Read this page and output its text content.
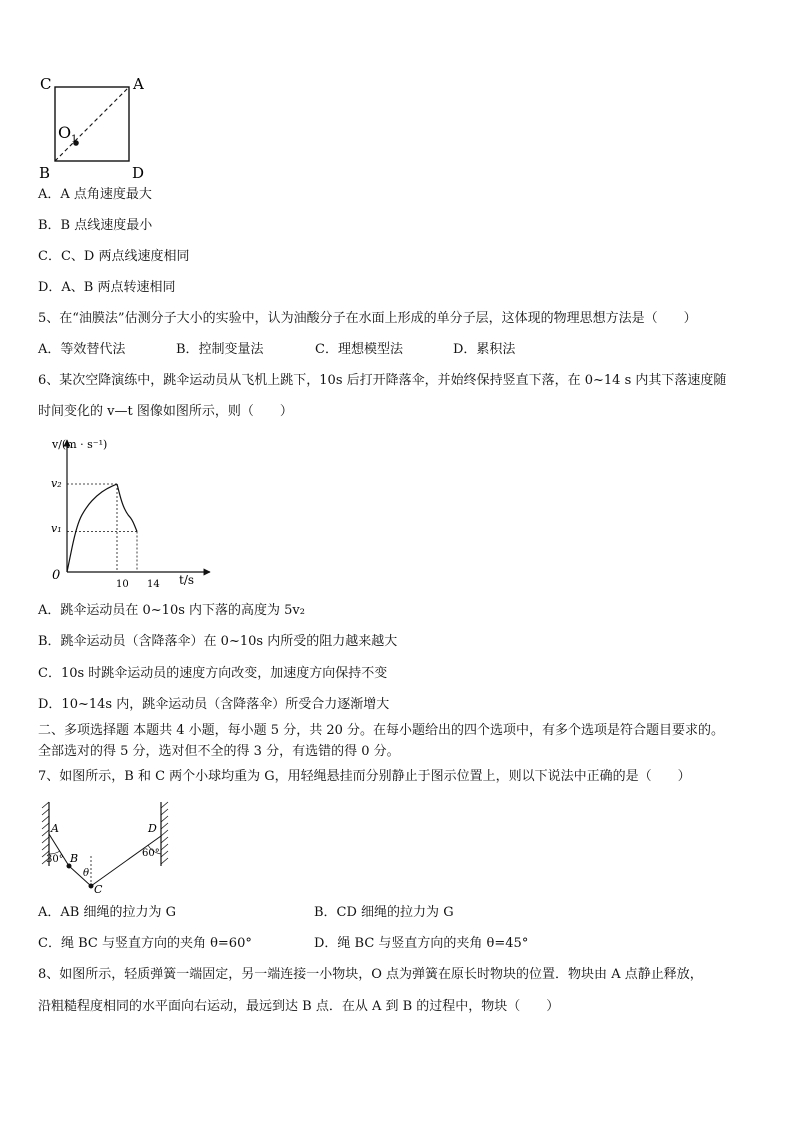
C	A
B	D
O 1
A．A 点角速度最大
B．B 点线速度最小
C．C、D 两点线速度相同
D．A、B 两点转速相同
5、在“油膜法”估测分子大小的实验中，认为油酸分子在水面上形成的单分子层，这体现的物理思想方法是（　　）
A．等效替代法	B．控制变量法	C．理想模型法	D．累积法
6、某次空降演练中，跳伞运动员从飞机上跳下，10s 后打开降落伞，并始终保持竖直下落，在 0~14 s 内其下落速度随
时间变化的 v—t 图像如图所示，则（　　）
v/(m · s⁻¹)
t/s
0
10 14
v₁
v₂
A．跳伞运动员在 0~10s 内下落的高度为 5v₂
B．跳伞运动员（含降落伞）在 0~10s 内所受的阻力越来越大
C．10s 时跳伞运动员的速度方向改变，加速度方向保持不变
D．10~14s 内，跳伞运动员（含降落伞）所受合力逐渐增大
二、多项选择题 本题共 4 小题，每小题 5 分，共 20 分。在每小题给出的四个选项中，有多个选项是符合题目要求的。
全部选对的得 5 分，选对但不全的得 3 分，有选错的得 0 分。
7、如图所示，B 和 C 两个小球均重为 G，用轻绳悬挂而分别静止于图示位置上，则以下说法中正确的是（　　）
A
B
C
D
30°
60°
θ
A．AB 细绳的拉力为 G	B．CD 细绳的拉力为 G
C．绳 BC 与竖直方向的夹角 θ=60°	D．绳 BC 与竖直方向的夹角 θ=45°
8、如图所示，轻质弹簧一端固定，另一端连接一小物块，O 点为弹簧在原长时物块的位置．物块由 A 点静止释放，
沿粗糙程度相同的水平面向右运动，最远到达 B 点．在从 A 到 B 的过程中，物块（　　）
